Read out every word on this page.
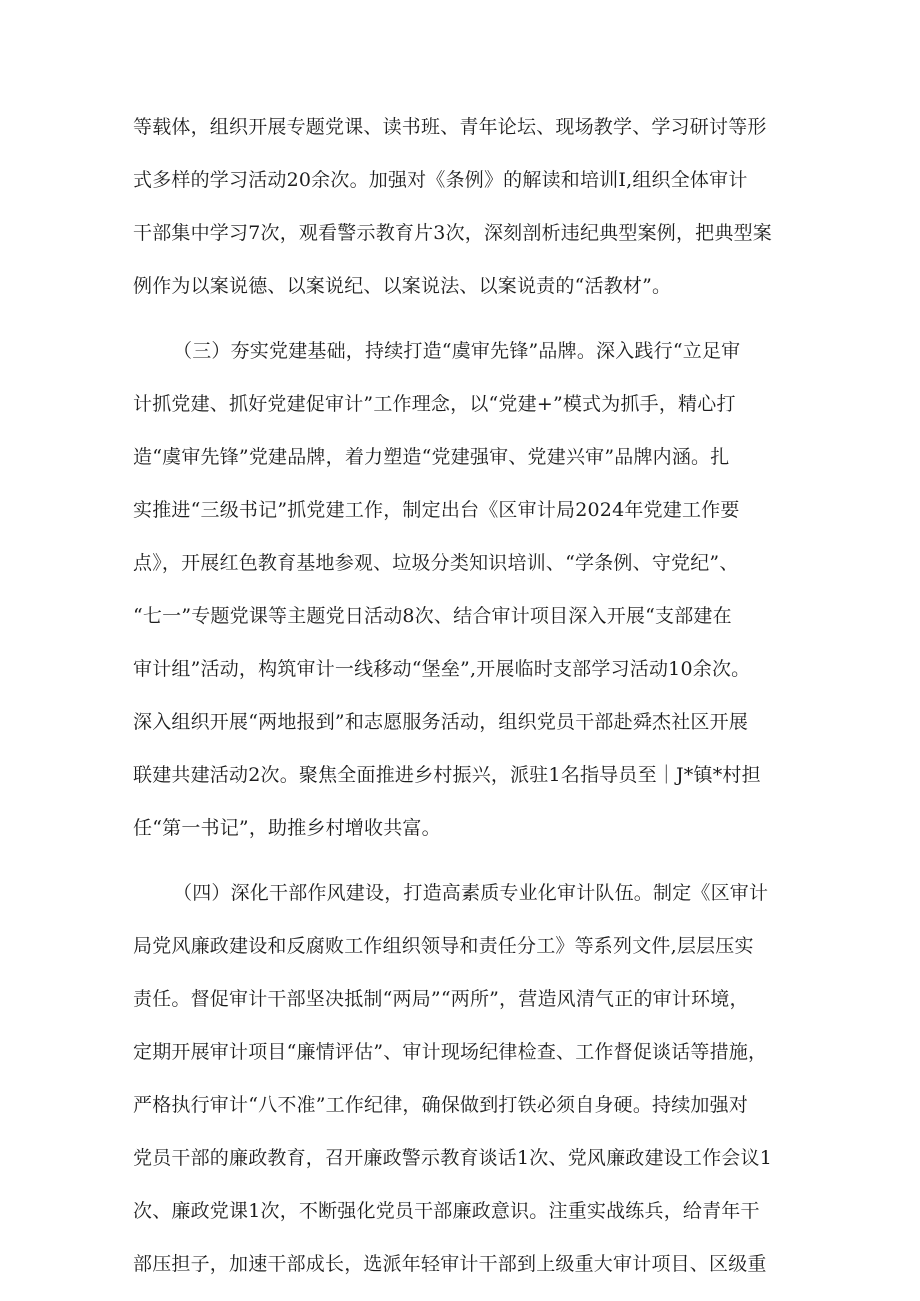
等载体，组织开展专题党课、读书班、青年论坛、现场教学、学习研讨等形

式多样的学习活动20余次。加强对《条例》的解读和培训I,组织全体审计

干部集中学习7次，观看警示教育片3次，深刻剖析违纪典型案例，把典型案

例作为以案说德、以案说纪、以案说法、以案说责的“活教材”。

（三）夯实党建基础，持续打造“虞审先锋”品牌。深入践行“立足审

计抓党建、抓好党建促审计”工作理念，以“党建+”模式为抓手，精心打

造“虞审先锋”党建品牌，着力塑造“党建强审、党建兴审”品牌内涵。扎

实推进“三级书记”抓党建工作，制定出台《区审计局2024年党建工作要

点》，开展红色教育基地参观、垃圾分类知识培训、“学条例、守党纪”、

“七一”专题党课等主题党日活动8次、结合审计项目深入开展“支部建在

审计组”活动，构筑审计一线移动“堡垒”,开展临时支部学习活动10余次。

深入组织开展“两地报到”和志愿服务活动，组织党员干部赴舜杰社区开展

联建共建活动2次。聚焦全面推进乡村振兴，派驻1名指导员至｜J*镇*村担

任“第一书记”，助推乡村增收共富。

（四）深化干部作风建设，打造高素质专业化审计队伍。制定《区审计

局党风廉政建设和反腐败工作组织领导和责任分工》等系列文件,层层压实

责任。督促审计干部坚决抵制“两局”“两所”，营造风清气正的审计环境，

定期开展审计项目“廉情评估”、审计现场纪律检查、工作督促谈话等措施，

严格执行审计“八不准”工作纪律，确保做到打铁必须自身硬。持续加强对

党员干部的廉政教育，召开廉政警示教育谈话1次、党风廉政建设工作会议1

次、廉政党课1次，不断强化党员干部廉政意识。注重实战练兵，给青年干

部压担子，加速干部成长，选派年轻审计干部到上级重大审计项目、区级重
